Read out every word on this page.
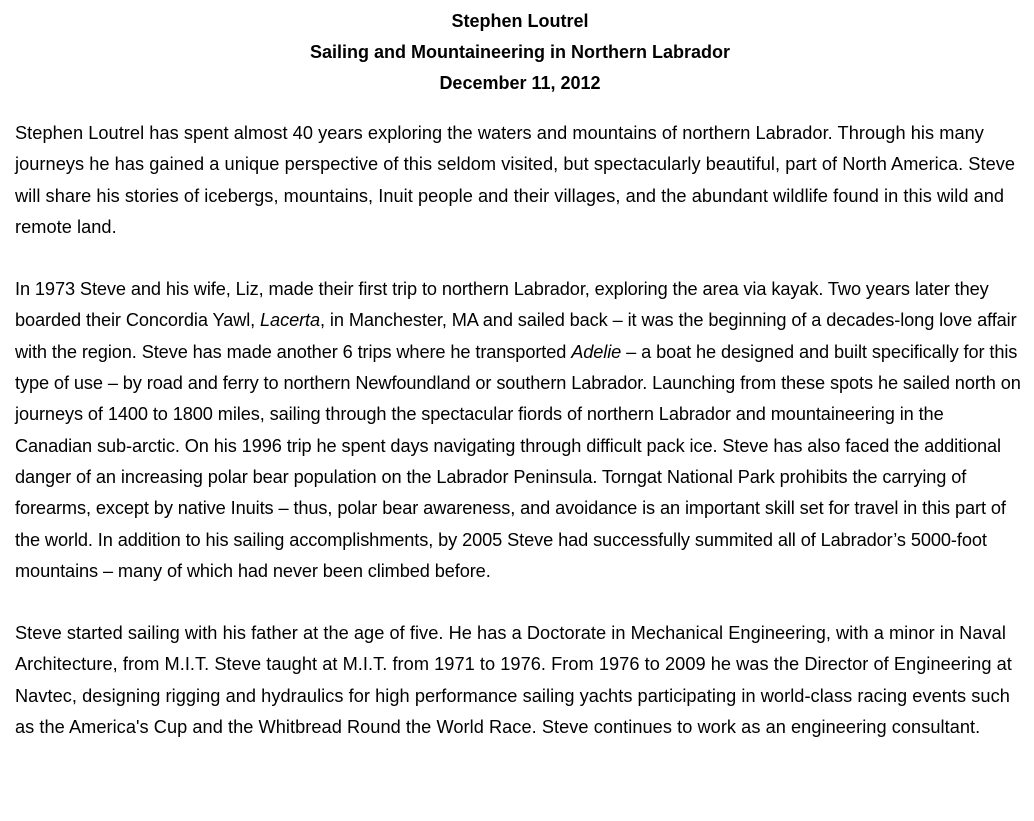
Stephen Loutrel
Sailing and Mountaineering in Northern Labrador
December 11, 2012

Stephen Loutrel has spent almost 40 years exploring the waters and mountains of northern Labrador. Through his many journeys he has gained a unique perspective of this seldom visited, but spectacularly beautiful, part of North America. Steve will share his stories of icebergs, mountains, Inuit people and their villages, and the abundant wildlife found in this wild and remote land.

In 1973 Steve and his wife, Liz, made their first trip to northern Labrador, exploring the area via kayak. Two years later they boarded their Concordia Yawl, Lacerta, in Manchester, MA and sailed back – it was the beginning of a decades-long love affair with the region. Steve has made another 6 trips where he transported Adelie – a boat he designed and built specifically for this type of use – by road and ferry to northern Newfoundland or southern Labrador. Launching from these spots he sailed north on journeys of 1400 to 1800 miles, sailing through the spectacular fiords of northern Labrador and mountaineering in the Canadian sub-arctic. On his 1996 trip he spent days navigating through difficult pack ice. Steve has also faced the additional danger of an increasing polar bear population on the Labrador Peninsula. Torngat National Park prohibits the carrying of forearms, except by native Inuits – thus, polar bear awareness, and avoidance is an important skill set for travel in this part of the world. In addition to his sailing accomplishments, by 2005 Steve had successfully summited all of Labrador’s 5000-foot mountains – many of which had never been climbed before.

Steve started sailing with his father at the age of five. He has a Doctorate in Mechanical Engineering, with a minor in Naval Architecture, from M.I.T. Steve taught at M.I.T. from 1971 to 1976. From 1976 to 2009 he was the Director of Engineering at Navtec, designing rigging and hydraulics for high performance sailing yachts participating in world-class racing events such as the America's Cup and the Whitbread Round the World Race. Steve continues to work as an engineering consultant.
